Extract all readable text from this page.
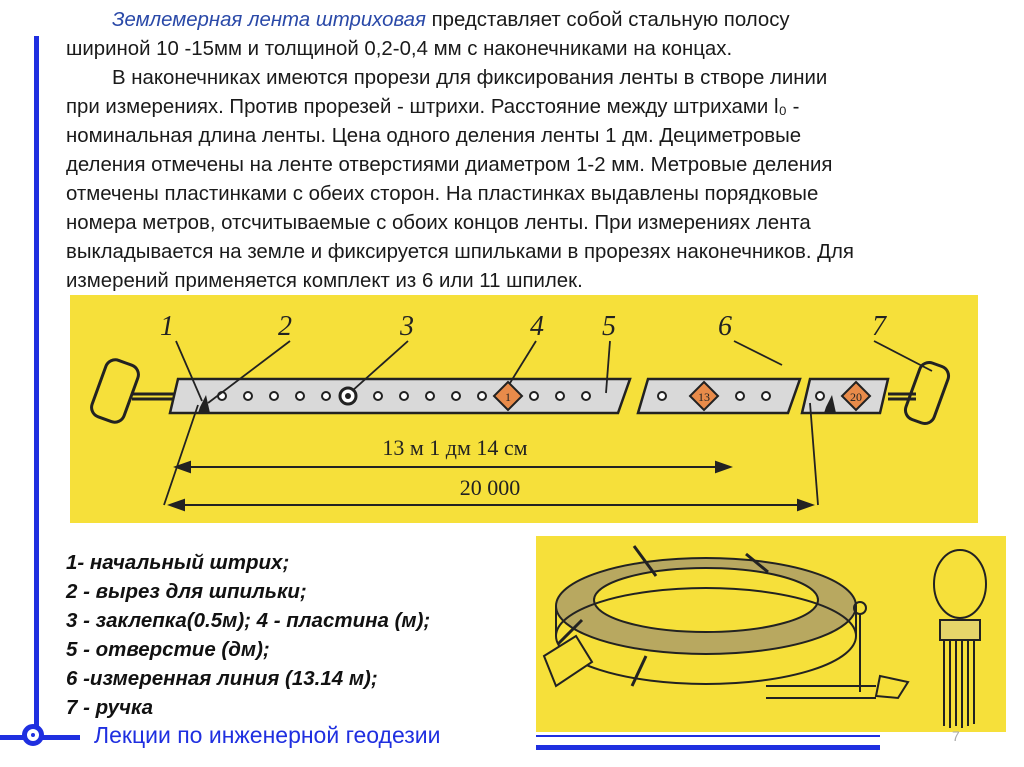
Землемерная лента штриховая представляет собой стальную полосу
шириной 10 -15мм и толщиной 0,2-0,4 мм с наконечниками на концах.

В наконечниках имеются прорези для фиксирования ленты в створе линии
при измерениях. Против прорезей - штрихи. Расстояние между штрихами l₀ -
номинальная длина ленты. Цена одного деления ленты 1 дм. Дециметровые
деления отмечены на ленте отверстиями диаметром 1-2 мм. Метровые деления
отмечены пластинками с обеих сторон. На пластинках выдавлены порядковые
номера метров, отсчитываемые с обоих концов ленты. При измерениях лента
выкладывается на земле и фиксируется шпильками в прорезях наконечников. Для
измерений применяется комплект из 6 или 11 шпилек.

1	13	20
1	2	3	4 5	6	7
13 м 1 дм 14 см
20 000
1- начальный штрих;
2 - вырез для шпильки;
3 - заклепка(0.5м); 4 - пластина (м);
5 - отверстие (дм);
6 -измеренная линия (13.14 м);
7 - ручка
Лекции по инженерной геодезии	7
